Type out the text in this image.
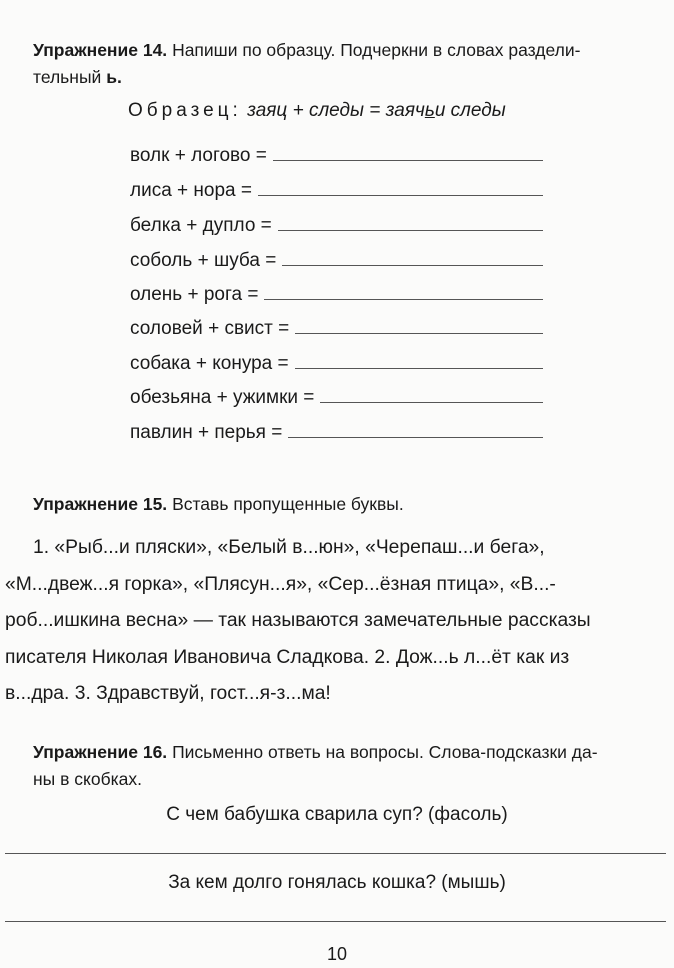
Упражнение 14. Напиши по образцу. Подчеркни в словах раздели-
тельный ь.
Образец: заяц + следы = заячьи следы
волк + логово =
лиса + нора =
белка + дупло =
соболь + шуба =
олень + рога =
соловей + свист =
собака + конура =
обезьяна + ужимки =
павлин + перья =
Упражнение 15. Вставь пропущенные буквы.
1. «Рыб...и пляски», «Белый в...юн», «Черепаш...и бега»,
«М...двеж...я горка», «Плясун...я», «Сер...ёзная птица», «В...-
роб...ишкина весна» — так называются замечательные рассказы
писателя Николая Ивановича Сладкова. 2. Дож...ь л...ёт как из
в...дра. 3. Здравствуй, гост...я-з...ма!
Упражнение 16. Письменно ответь на вопросы. Слова-подсказки да-
ны в скобках.
С чем бабушка сварила суп? (фасоль)
За кем долго гонялась кошка? (мышь)
10
